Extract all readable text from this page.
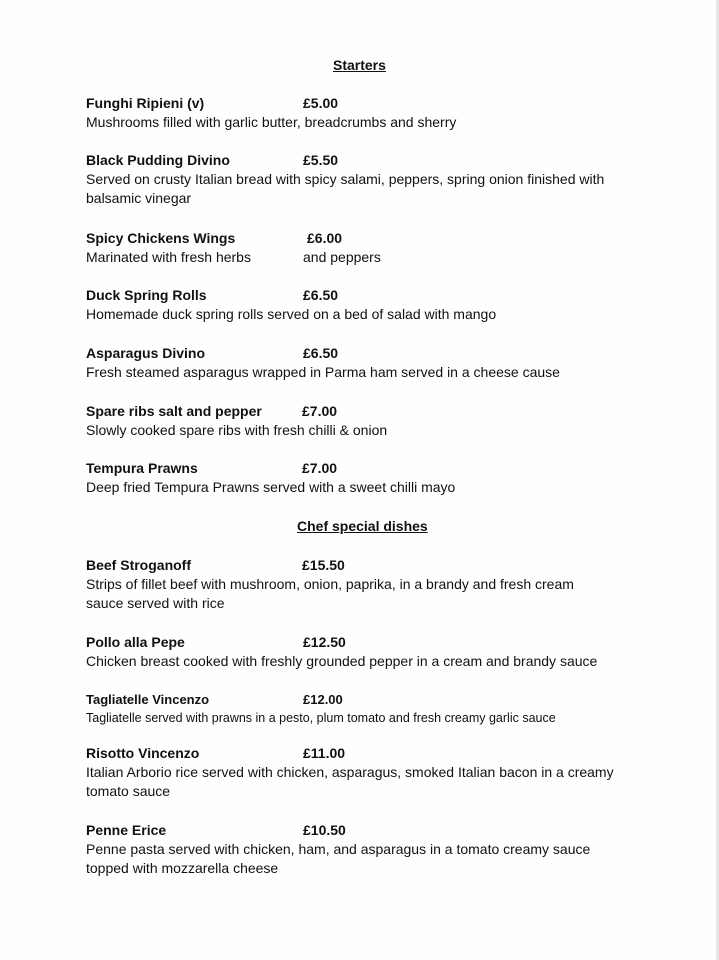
Starters
Funghi Ripieni (v)	£5.00
Mushrooms filled with garlic butter, breadcrumbs and sherry
Black Pudding Divino	£5.50
Served on crusty Italian bread with spicy salami, peppers, spring onion finished with balsamic vinegar
Spicy Chickens Wings	£6.00
Marinated with fresh herbs	and peppers
Duck Spring Rolls	£6.50
Homemade duck spring rolls served on a bed of salad with mango
Asparagus Divino	£6.50
Fresh steamed asparagus wrapped in Parma ham served in a cheese cause
Spare ribs salt and pepper	£7.00
Slowly cooked spare ribs with fresh chilli & onion
Tempura Prawns	£7.00
Deep fried Tempura Prawns served with a sweet chilli mayo
Chef special dishes
Beef Stroganoff	£15.50
Strips of fillet beef with mushroom, onion, paprika, in a brandy and fresh cream sauce served with rice
Pollo alla Pepe	£12.50
Chicken breast cooked with freshly grounded pepper in a cream and brandy sauce
Tagliatelle Vincenzo	£12.00
Tagliatelle served with prawns in a pesto, plum tomato and fresh creamy garlic sauce
Risotto Vincenzo	£11.00
Italian Arborio rice served with chicken, asparagus, smoked Italian bacon in a creamy tomato sauce
Penne Erice	£10.50
Penne pasta served with chicken, ham, and asparagus in a tomato creamy sauce topped with mozzarella cheese
